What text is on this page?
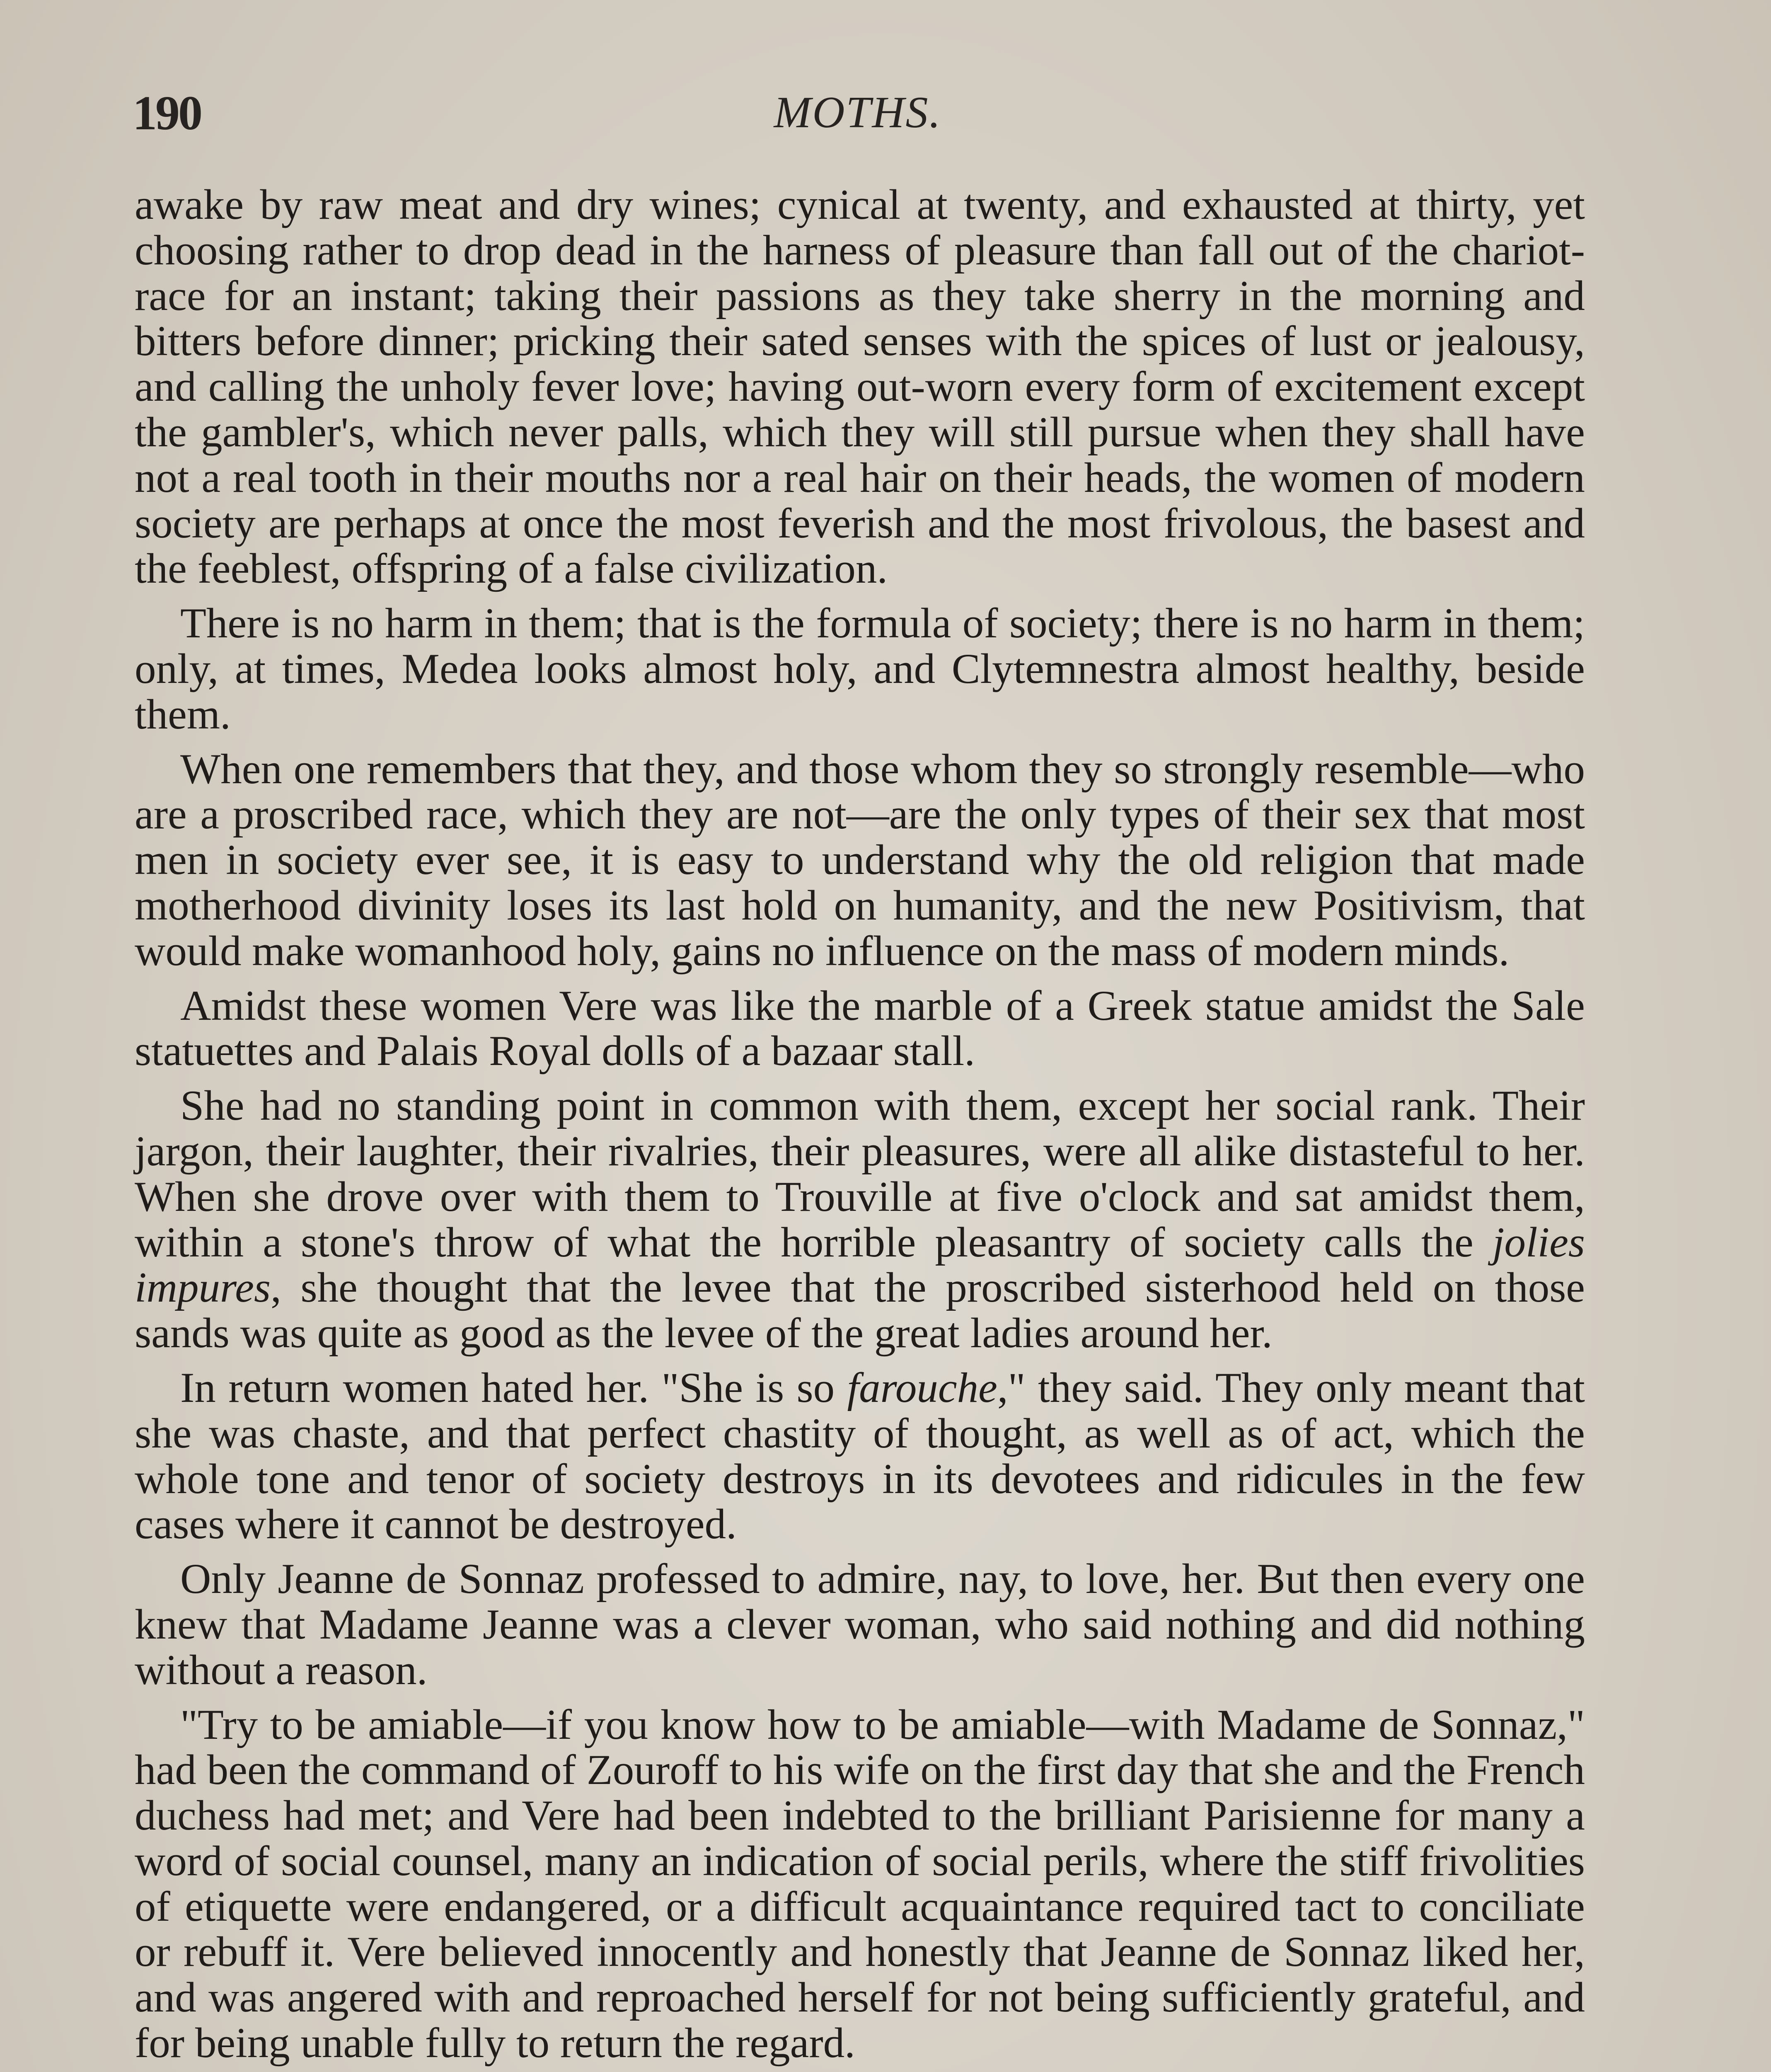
190	MOTHS.

awake by raw meat and dry wines; cynical at twenty, and exhausted at thirty, yet choosing rather to drop dead in the harness of pleasure than fall out of the chariot-race for an instant; taking their passions as they take sherry in the morning and bitters before dinner; pricking their sated senses with the spices of lust or jealousy, and calling the unholy fever love; having out-worn every form of excitement except the gambler's, which never palls, which they will still pursue when they shall have not a real tooth in their mouths nor a real hair on their heads, the women of modern society are perhaps at once the most feverish and the most frivolous, the basest and the feeblest, offspring of a false civilization.

There is no harm in them; that is the formula of society; there is no harm in them; only, at times, Medea looks almost holy, and Clytemnestra almost healthy, beside them.

When one remembers that they, and those whom they so strongly resemble—who are a proscribed race, which they are not—are the only types of their sex that most men in society ever see, it is easy to understand why the old religion that made motherhood divinity loses its last hold on humanity, and the new Positivism, that would make womanhood holy, gains no influence on the mass of modern minds.

Amidst these women Vere was like the marble of a Greek statue amidst the Sale statuettes and Palais Royal dolls of a bazaar stall.

She had no standing point in common with them, except her social rank. Their jargon, their laughter, their rivalries, their pleasures, were all alike distasteful to her. When she drove over with them to Trouville at five o'clock and sat amidst them, within a stone's throw of what the horrible pleasantry of society calls the jolies impures, she thought that the levee that the proscribed sisterhood held on those sands was quite as good as the levee of the great ladies around her.

In return women hated her. "She is so farouche," they said. They only meant that she was chaste, and that perfect chastity of thought, as well as of act, which the whole tone and tenor of society destroys in its devotees and ridicules in the few cases where it cannot be destroyed.

Only Jeanne de Sonnaz professed to admire, nay, to love, her. But then every one knew that Madame Jeanne was a clever woman, who said nothing and did nothing without a reason.

"Try to be amiable—if you know how to be amiable—with Madame de Sonnaz," had been the command of Zouroff to his wife on the first day that she and the French duchess had met; and Vere had been indebted to the brilliant Parisienne for many a word of social counsel, many an indication of social perils, where the stiff frivolities of etiquette were endangered, or a difficult acquaintance required tact to conciliate or rebuff it. Vere believed innocently and honestly that Jeanne de Sonnaz liked her, and was angered with and reproached herself for not being sufficiently grateful, and for being unable fully to return the regard.
